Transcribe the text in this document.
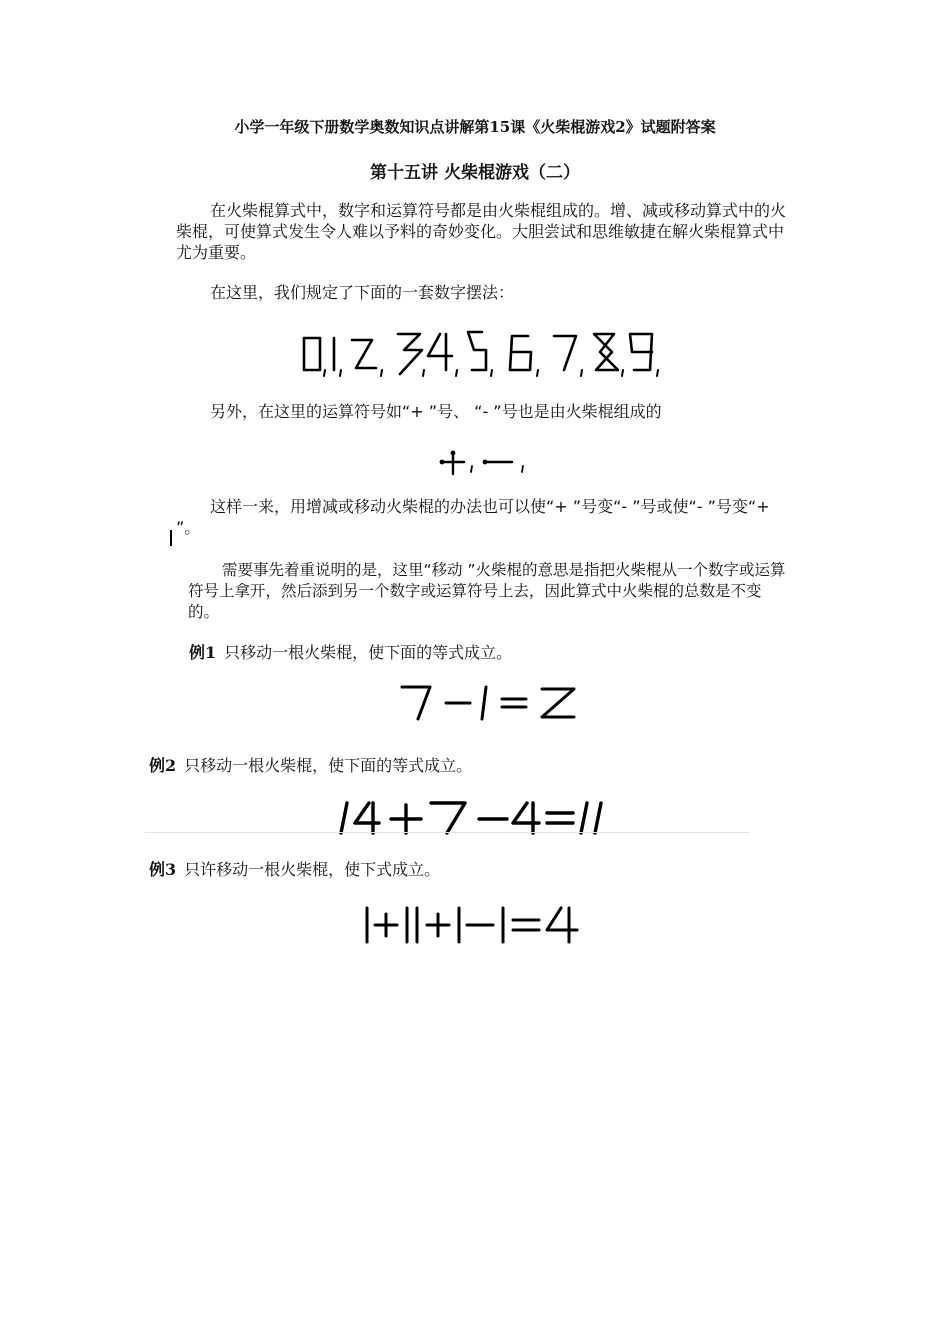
小学一年级下册数学奥数知识点讲解第15课《火柴棍游戏2》试题附答案
第十五讲 火柴棍游戏（二）
在火柴棍算式中，数字和运算符号都是由火柴棍组成的。增、减或移动算式中的火柴棍，可使算式发生令人难以予料的奇妙变化。大胆尝试和思维敏捷在解火柴棍算式中尤为重要。
在这里，我们规定了下面的一套数字摆法：
另外，在这里的运算符号如“+ ”号、 “- ”号也是由火柴棍组成的
这样一来，用增减或移动火柴棍的办法也可以使“+ ”号变“- ”号或使“- ”号变“+ ”。
需要事先着重说明的是，这里“移动 ”火柴棍的意思是指把火柴棍从一个数字或运算符号上拿开，然后添到另一个数字或运算符号上去，因此算式中火柴棍的总数是不变的。
例1 只移动一根火柴棍，使下面的等式成立。
例2 只移动一根火柴棍，使下面的等式成立。
例3 只许移动一根火柴棍，使下式成立。
